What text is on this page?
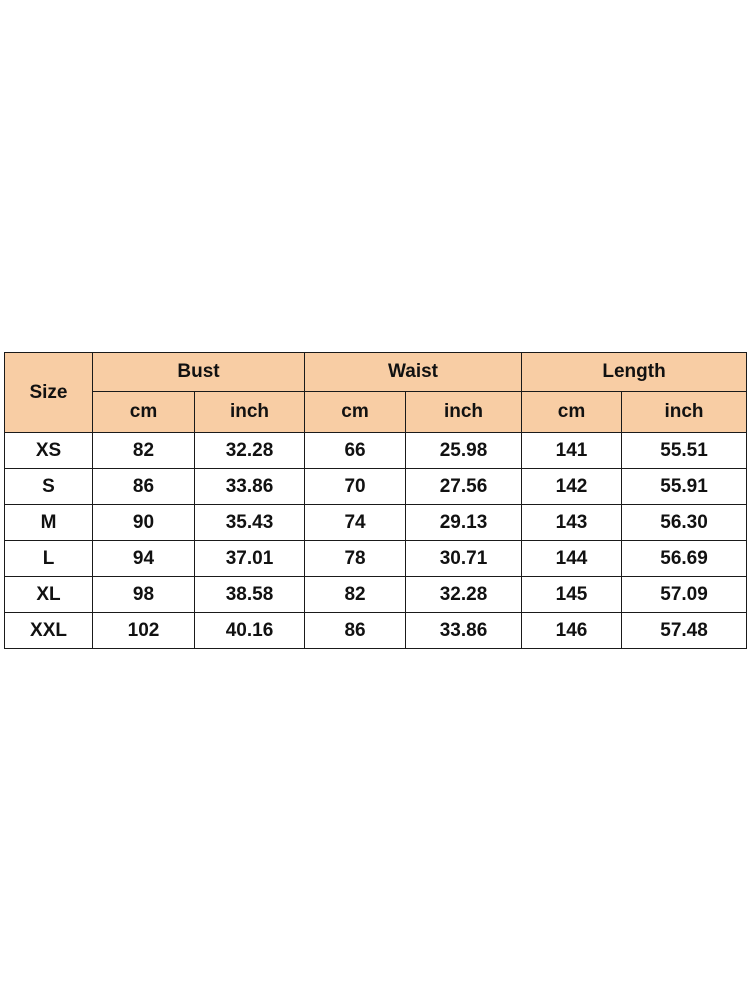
Size	Bust		Waist		Length	
	cm	inch	cm	inch	cm	inch
XS	82	32.28	66	25.98	141	55.51
S	86	33.86	70	27.56	142	55.91
M	90	35.43	74	29.13	143	56.30
L	94	37.01	78	30.71	144	56.69
XL	98	38.58	82	32.28	145	57.09
XXL	102	40.16	86	33.86	146	57.48
